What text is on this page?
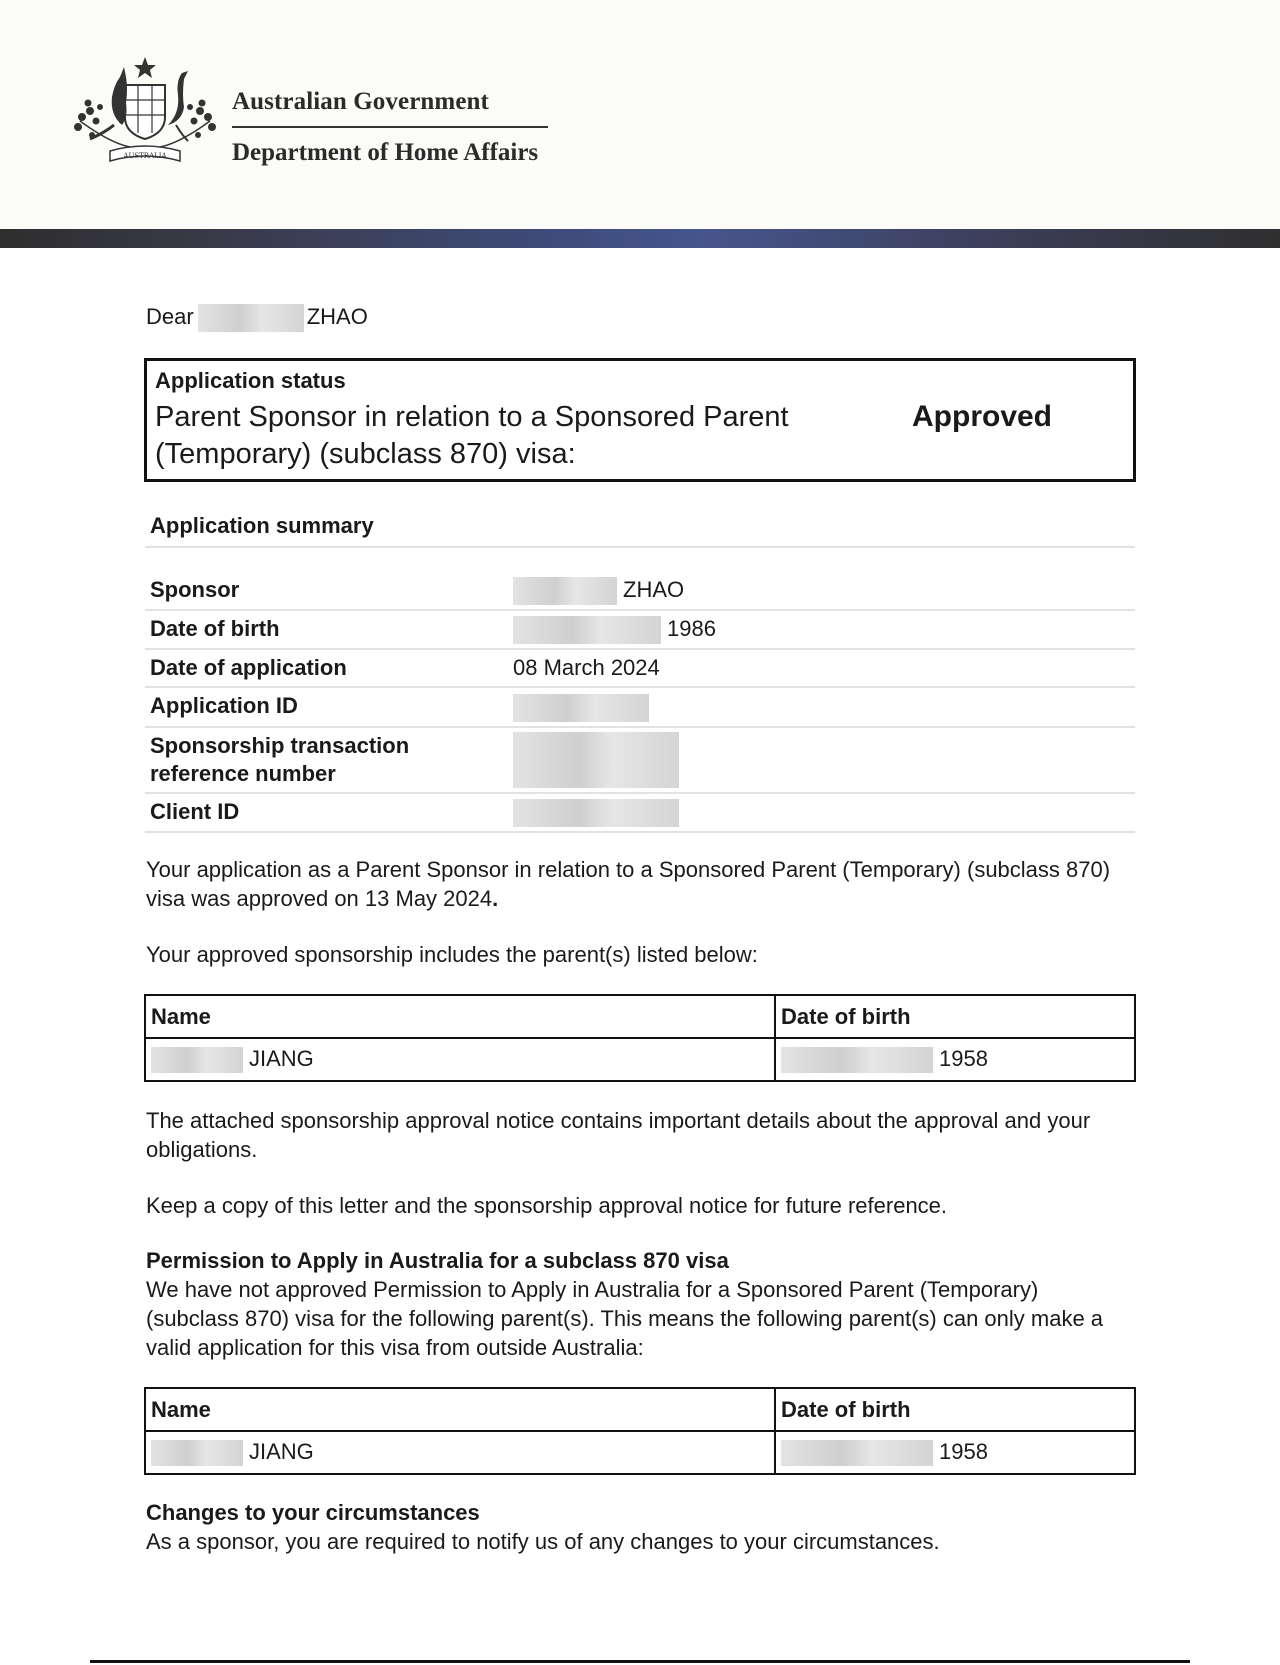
AUSTRALIA
Australian Government
Department of Home Affairs
Dear	ZHAO
Application status
Parent Sponsor in relation to a Sponsored Parent (Temporary) (subclass 870) visa:
Approved
Application summary
Sponsor	ZHAO
Date of birth	1986
Date of application	08 March 2024
Application ID	
Sponsorship transaction reference number	
Client ID	
Your application as a Parent Sponsor in relation to a Sponsored Parent (Temporary) (subclass 870) visa was approved on 13 May 2024.
Your approved sponsorship includes the parent(s) listed below:
Name	Date of birth
JIANG	1958
The attached sponsorship approval notice contains important details about the approval and your obligations.
Keep a copy of this letter and the sponsorship approval notice for future reference.
Permission to Apply in Australia for a subclass 870 visa
We have not approved Permission to Apply in Australia for a Sponsored Parent (Temporary) (subclass 870) visa for the following parent(s). This means the following parent(s) can only make a valid application for this visa from outside Australia:
Name	Date of birth
JIANG	1958
Changes to your circumstances
As a sponsor, you are required to notify us of any changes to your circumstances.
